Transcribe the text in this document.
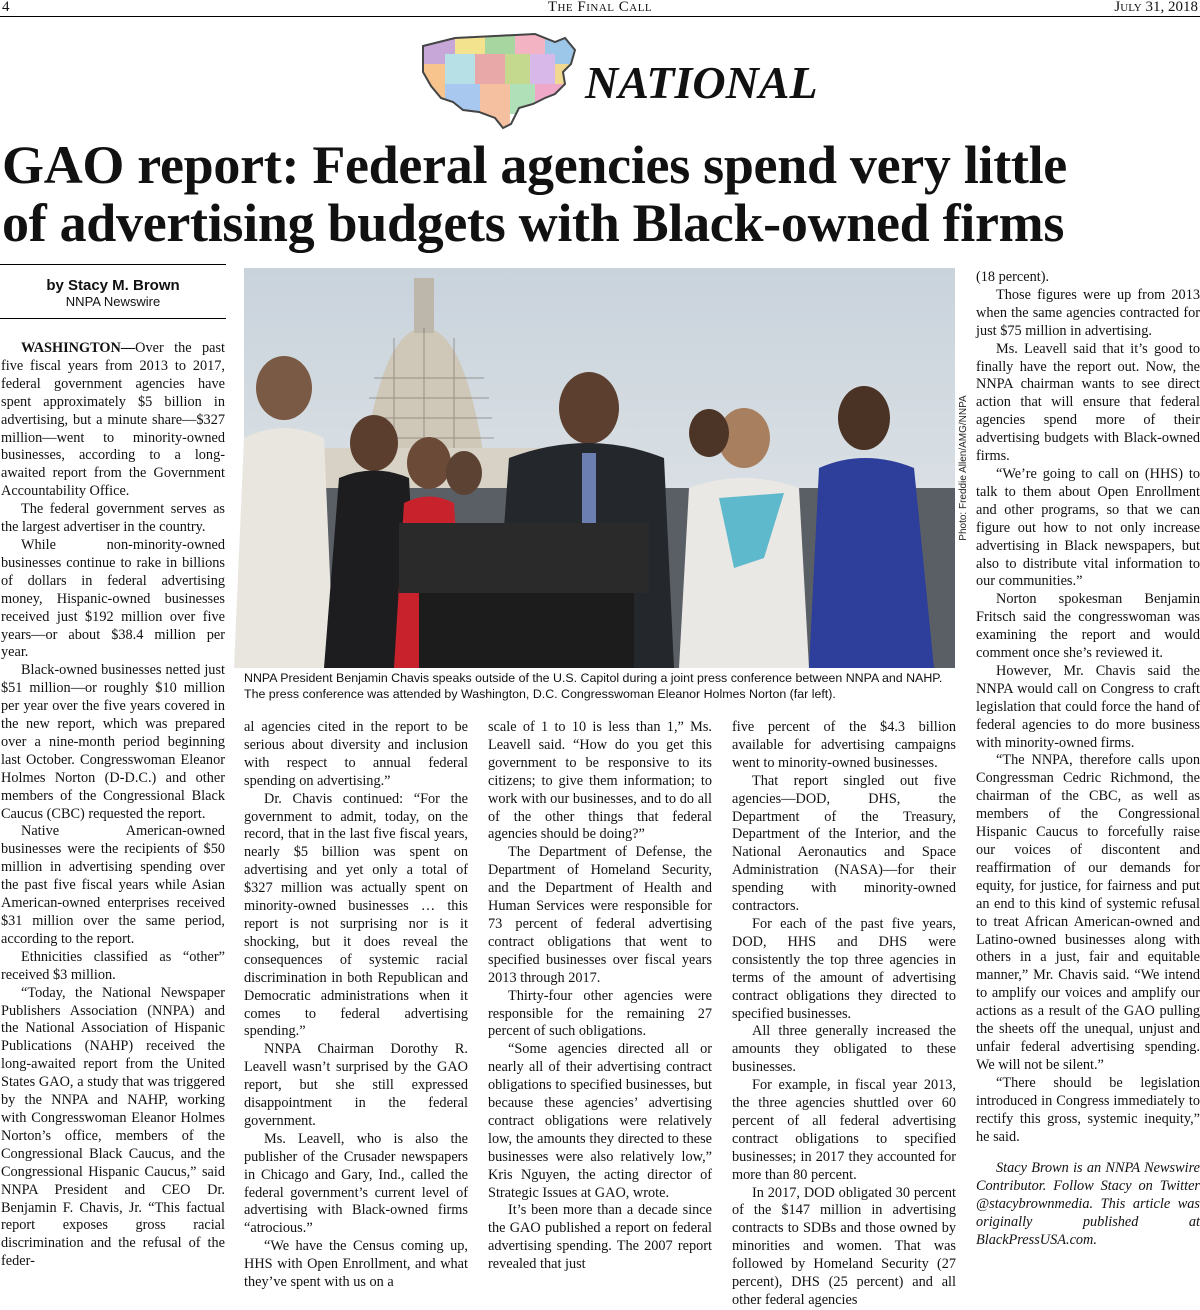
4	The Final Call	July 31, 2018
NATIONAL
GAO report: Federal agencies spend very little
of advertising budgets with Black-owned firms
by Stacy M. Brown
NNPA Newswire

WASHINGTON—Over the past five fiscal years from 2013 to 2017, federal government agencies have spent approximately $5 billion in advertising, but a minute share—$327 million—went to minority-owned businesses, according to a long-awaited report from the Government Accountability Office.

The federal government serves as the largest advertiser in the country.

While non-minority-owned businesses continue to rake in billions of dollars in federal advertising money, Hispanic-owned businesses received just $192 million over five years—or about $38.4 million per year.

Black-owned businesses netted just $51 million—or roughly $10 million per year over the five years covered in the new report, which was prepared over a nine-month period beginning last October. Congresswoman Eleanor Holmes Norton (D-D.C.) and other members of the Congressional Black Caucus (CBC) requested the report.

Native American-owned businesses were the recipients of $50 million in advertising spending over the past five fiscal years while Asian American-owned enterprises received $31 million over the same period, according to the report.

Ethnicities classified as “other” received $3 million.

“Today, the National Newspaper Publishers Association (NNPA) and the National Association of Hispanic Publications (NAHP) received the long-awaited report from the United States GAO, a study that was triggered by the NNPA and NAHP, working with Congresswoman Eleanor Holmes Norton’s office, members of the Congressional Black Caucus, and the Congressional Hispanic Caucus,” said NNPA President and CEO Dr. Benjamin F. Chavis, Jr. “This factual report exposes gross racial discrimination and the refusal of the feder-

Photo: Freddie Allen/AMG/NNPA
NNPA President Benjamin Chavis speaks outside of the U.S. Capitol during a joint press conference between NNPA and NAHP. The press conference was attended by Washington, D.C. Congresswoman Eleanor Holmes Norton (far left).

al agencies cited in the report to be serious about diversity and inclusion with respect to annual federal spending on advertising.”

Dr. Chavis continued: “For the government to admit, today, on the record, that in the last five fiscal years, nearly $5 billion was spent on advertising and yet only a total of $327 million was actually spent on minority-owned businesses … this report is not surprising nor is it shocking, but it does reveal the consequences of systemic racial discrimination in both Republican and Democratic administrations when it comes to federal advertising spending.”

NNPA Chairman Dorothy R. Leavell wasn’t surprised by the GAO report, but she still expressed disappointment in the federal government.

Ms. Leavell, who is also the publisher of the Crusader newspapers in Chicago and Gary, Ind., called the federal government’s current level of advertising with Black-owned firms “atrocious.”

“We have the Census coming up, HHS with Open Enrollment, and what they’ve spent with us on a

scale of 1 to 10 is less than 1,” Ms. Leavell said. “How do you get this government to be responsive to its citizens; to give them information; to work with our businesses, and to do all of the other things that federal agencies should be doing?”

The Department of Defense, the Department of Homeland Security, and the Department of Health and Human Services were responsible for 73 percent of federal advertising contract obligations that went to specified businesses over fiscal years 2013 through 2017.

Thirty-four other agencies were responsible for the remaining 27 percent of such obligations.

“Some agencies directed all or nearly all of their advertising contract obligations to specified businesses, but because these agencies’ advertising contract obligations were relatively low, the amounts they directed to these businesses were also relatively low,” Kris Nguyen, the acting director of Strategic Issues at GAO, wrote.

It’s been more than a decade since the GAO published a report on federal advertising spending. The 2007 report revealed that just

five percent of the $4.3 billion available for advertising campaigns went to minority-owned businesses.

That report singled out five agencies—DOD, DHS, the Department of the Treasury, Department of the Interior, and the National Aeronautics and Space Administration (NASA)—for their spending with minority-owned contractors.

For each of the past five years, DOD, HHS and DHS were consistently the top three agencies in terms of the amount of advertising contract obligations they directed to specified businesses.

All three generally increased the amounts they obligated to these businesses.

For example, in fiscal year 2013, the three agencies shuttled over 60 percent of all federal advertising contract obligations to specified businesses; in 2017 they accounted for more than 80 percent.

In 2017, DOD obligated 30 percent of the $147 million in advertising contracts to SDBs and those owned by minorities and women. That was followed by Homeland Security (27 percent), DHS (25 percent) and all other federal agencies

(18 percent).

Those figures were up from 2013 when the same agencies contracted for just $75 million in advertising.

Ms. Leavell said that it’s good to finally have the report out. Now, the NNPA chairman wants to see direct action that will ensure that federal agencies spend more of their advertising budgets with Black-owned firms.

“We’re going to call on (HHS) to talk to them about Open Enrollment and other programs, so that we can figure out how to not only increase advertising in Black newspapers, but also to distribute vital information to our communities.”

Norton spokesman Benjamin Fritsch said the congresswoman was examining the report and would comment once she’s reviewed it.

However, Mr. Chavis said the NNPA would call on Congress to craft legislation that could force the hand of federal agencies to do more business with minority-owned firms.

“The NNPA, therefore calls upon Congressman Cedric Richmond, the chairman of the CBC, as well as members of the Congressional Hispanic Caucus to forcefully raise our voices of discontent and reaffirmation of our demands for equity, for justice, for fairness and put an end to this kind of systemic refusal to treat African American-owned and Latino-owned businesses along with others in a just, fair and equitable manner,” Mr. Chavis said. “We intend to amplify our voices and amplify our actions as a result of the GAO pulling the sheets off the unequal, unjust and unfair federal advertising spending. We will not be silent.”

“There should be legislation introduced in Congress immediately to rectify this gross, systemic inequity,” he said.

Stacy Brown is an NNPA Newswire Contributor. Follow Stacy on Twitter @stacybrownmedia. This article was originally published at BlackPressUSA.com.
